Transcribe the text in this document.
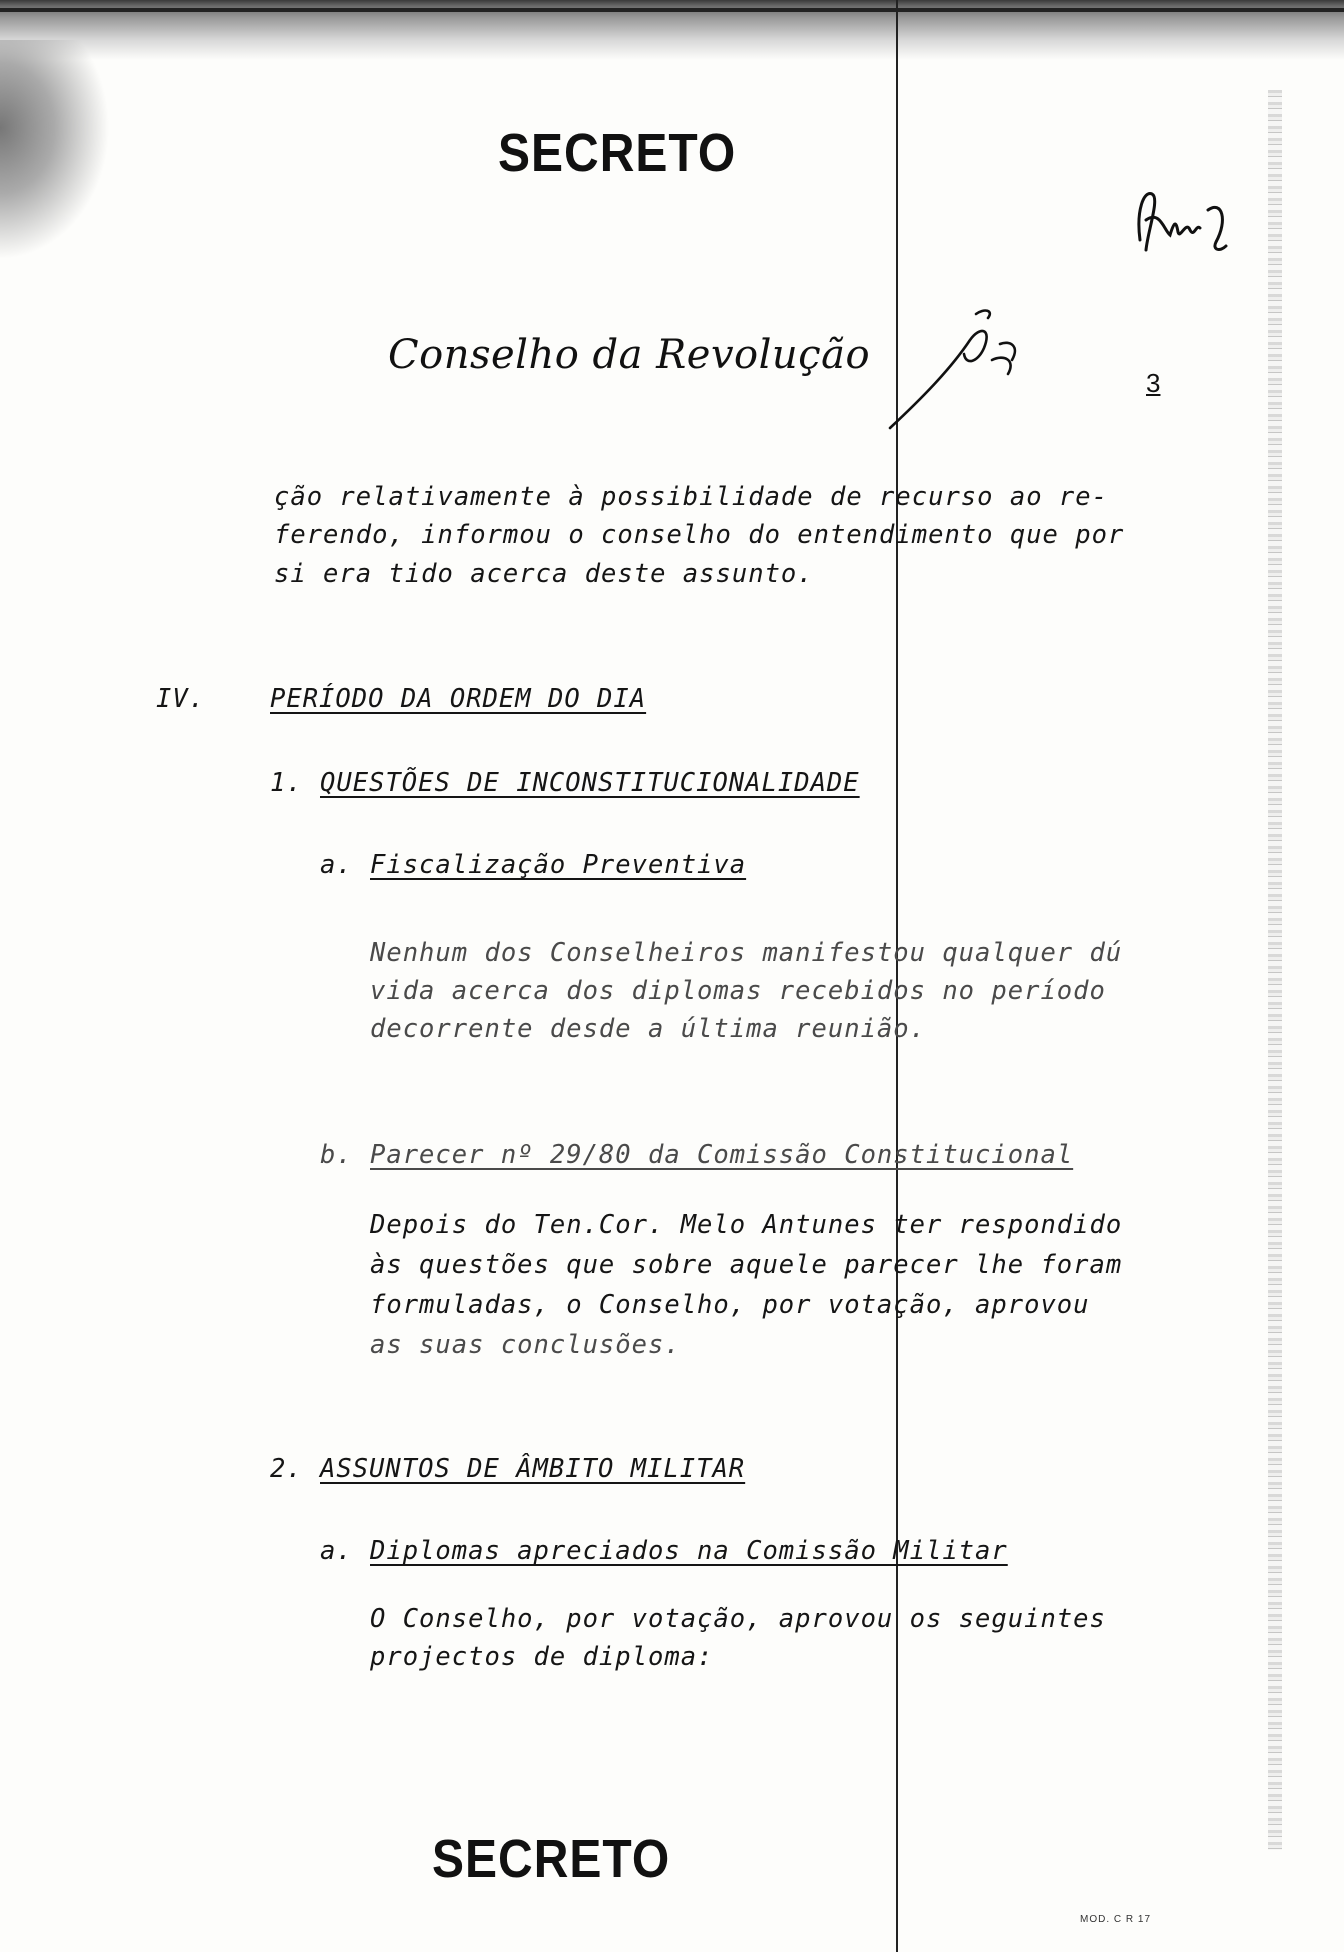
SECRETO
Conselho da Revolução
3
ção relativamente à possibilidade de recurso ao re-
ferendo, informou o conselho do entendimento que por
si era tido acerca deste assunto.
IV.	PERÍODO DA ORDEM DO DIA
1. QUESTÕES DE INCONSTITUCIONALIDADE
a. Fiscalização Preventiva
Nenhum dos Conselheiros manifestou qualquer dú
vida acerca dos diplomas recebidos no período
decorrente desde a última reunião.
b. Parecer nº 29/80 da Comissão Constitucional
Depois do Ten.Cor. Melo Antunes ter respondido
às questões que sobre aquele parecer lhe foram
formuladas, o Conselho, por votação, aprovou
as suas conclusões.
2. ASSUNTOS DE ÂMBITO MILITAR
a. Diplomas apreciados na Comissão Militar
O Conselho, por votação, aprovou os seguintes
projectos de diploma:
SECRETO
MOD. C R 17
